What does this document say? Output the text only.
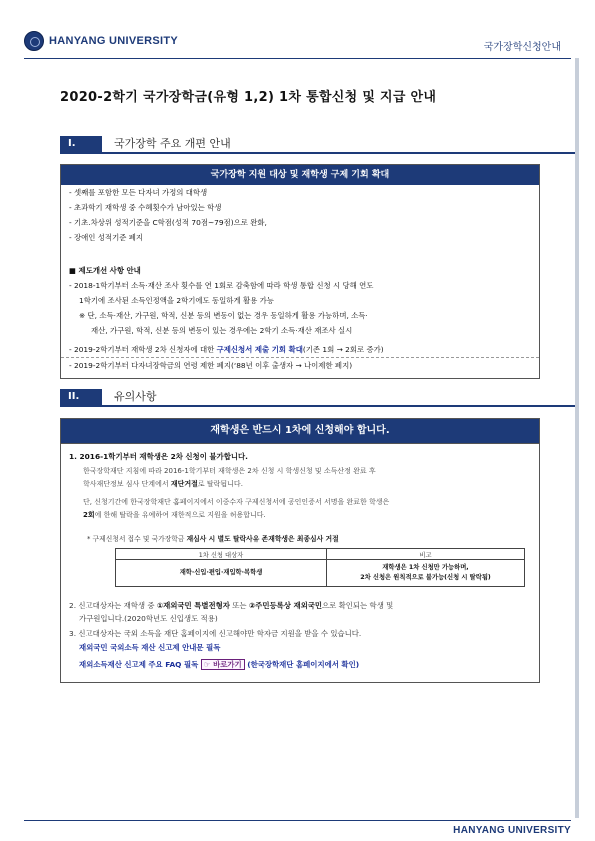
HANYANG UNIVERSITY
국가장학신청안내
2020-2학기 국가장학금(유형 1,2) 1차 통합신청 및 지급 안내
I.	국가장학 주요 개편 안내
국가장학 지원 대상 및 재학생 구제 기회 확대
- 셋째를 포함한 모든 다자녀 가정의 대학생
- 초과학기 재학생 중 수혜횟수가 남아있는 학생
- 기초.차상위 성적기준을 C학점(성적 70점~79점)으로 완화,
- 장애인 성적기준 폐지
■ 제도개선 사항 안내
- 2018-1학기부터 소득·재산 조사 횟수를 연 1회로 감축함에 따라 학생 통합 신청 시 당해 연도
1학기에 조사된 소득인정액을 2학기에도 동일하게 활용 가능
※ 단, 소득·재산, 가구원, 학적, 신분 등의 변동이 없는 경우 동일하게 활용 가능하며, 소득·
재산, 가구원, 학적, 신분 등의 변동이 있는 경우에는 2학기 소득·재산 재조사 실시
- 2019-2학기부터 재학생 2차 신청자에 대한 구제신청서 제출 기회 확대(기존 1회 → 2회로 증가)
- 2019-2학기부터 다자녀장학금의 연령 제한 폐지(‘88년 이후 출생자 → 나이제한 폐지)
II.	유의사항
재학생은 반드시 1차에 신청해야 합니다.
1. 2016-1학기부터 재학생은 2차 신청이 불가합니다.
한국장학재단 지침에 따라 2016-1학기부터 재학생은 2차 신청 시 학생신청 및 소득산정 완료 후
학사재단정보 심사 단계에서 재단거절로 탈락됩니다.
단, 신청기간에 한국장학재단 홈페이지에서 이중수자 구제신청서에 공인인증서 서명을 완료한 학생은
2회에 한해 탈락을 유예하여 재한적으로 지원을 허용합니다.
* 구제신청서 접수 및 국가장학금 재심사 시 별도 탈락사유 존재학생은 최종심사 거절
1차 신청 대상자	비고
재학·신입·편입·재입학·복학생	재학생은 1차 신청만 가능하며,
2차 신청은 원칙적으로 불가능(신청 시 탈락됨)
2. 신고대상자는 재학생 중 ①재외국민 특별전형자 또는 ②주민등록상 재외국민으로 확인되는 학생 및
가구원입니다.(2020학년도 신입생도 적용)
3. 신고대상자는 국외 소득을 재단 홈페이지에 신고해야만 학자금 지원을 받을 수 있습니다.
재외국민 국외소득 재산 신고제 안내문 필독
재외소득재산 신고제 주요 FAQ 필독 ☞ 바로가기 (한국장학재단 홈페이지에서 확인)
HANYANG UNIVERSITY
